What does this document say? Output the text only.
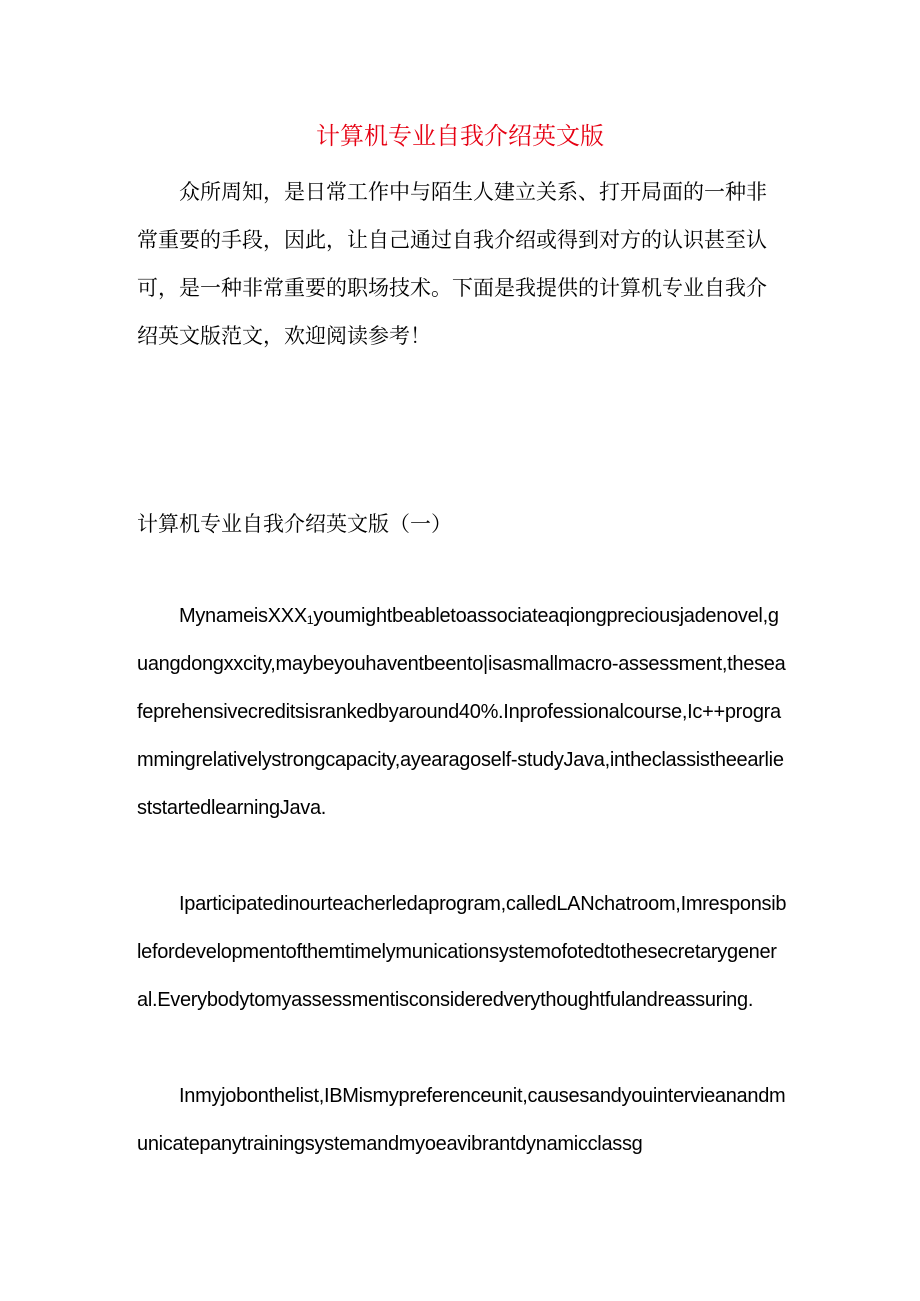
计算机专业自我介绍英文版

众所周知，是日常工作中与陌生人建立关系、打开局面的一种非常重要的手段，因此，让自己通过自我介绍或得到对方的认识甚至认可，是一种非常重要的职场技术。下面是我提供的计算机专业自我介绍英文版范文，欢迎阅读参考！

计算机专业自我介绍英文版（一）

MynameisXXX₁youmightbeabletoassociateaqiongpreciousjadenovel,guangdongxxcity,maybeyouhaventbeento|isasmallmacro-assessment,theseafeprehensivecreditsisrankedbyaround40%.Inprofessionalcourse,Ic++programmingrelativelystrongcapacity,ayearagoself-studyJava,intheclassistheearlieststartedlearningJava.

Iparticipatedinourteacherledaprogram,calledLANchatroom,Imresponsiblefordevelopmentofthemtimelymunicationsystemofotedtothesecretarygeneral.Everybodytomyassessmentisconsideredverythoughtfulandreassuring.

Inmyjobonthelist,IBMismypreferenceunit,causesandyouintervieanandmunicatepanytrainingsystemandmyoeavibrantdynamicclassg
